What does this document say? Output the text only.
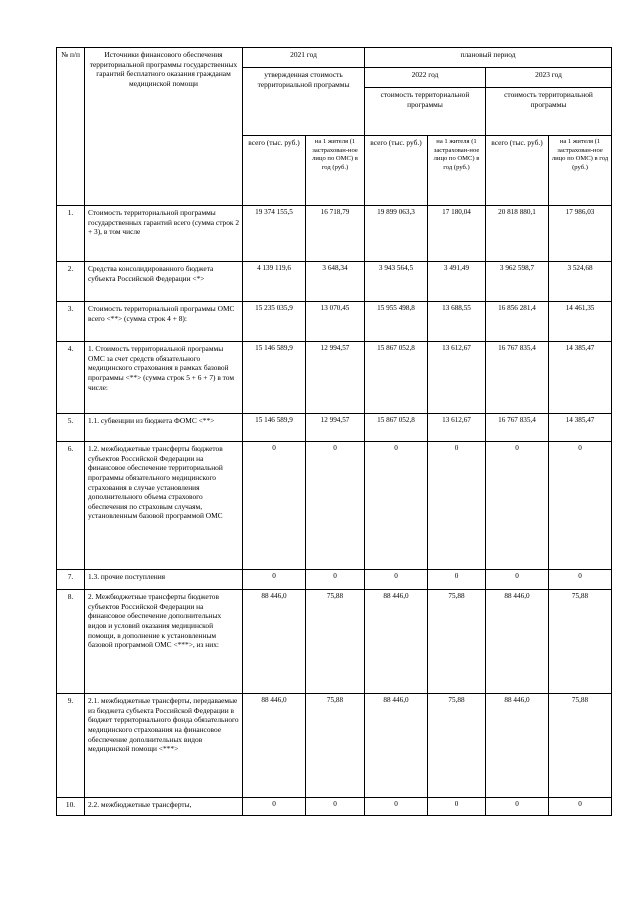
№ п/п	Источники финансового обеспечения территориальной программы государственных гарантий бесплатного оказания гражданам медицинской помощи	2021 год		плановый период			
		утвержденная стоимость территориальной программы		2022 год		2023 год	
				стоимость территориальной программы		стоимость территориальной программы	
		всего (тыс. руб.)	на 1 жителя (1 застрахован-ное лицо по ОМС) в год (руб.)	всего (тыс. руб.)	на 1 жителя (1 застрахован-ное лицо по ОМС) в год (руб.)	всего (тыс. руб.)	на 1 жителя (1 застрахован-ное лицо по ОМС) в год (руб.)
1.	Стоимость территориальной программы государственных гарантий всего (сумма строк 2 + 3), в том числе	19 374 155,5	16 718,79	19 899 063,3	17 180,04	20 818 880,1	17 986,03
2.	Средства консолидированного бюджета субъекта Российской Федерации <*>	4 139 119,6	3 648,34	3 943 564,5	3 491,49	3 962 598,7	3 524,68
3.	Стоимость территориальной программы ОМС всего <**> (сумма строк 4 + 8):	15 235 035,9	13 070,45	15 955 498,8	13 688,55	16 856 281,4	14 461,35
4.	1. Стоимость территориальной программы ОМС за счет средств обязательного медицинского страхования в рамках базовой программы <**> (сумма строк 5 + 6 + 7) в том числе:	15 146 589,9	12 994,57	15 867 052,8	13 612,67	16 767 835,4	14 385,47
5.	1.1. субвенции из бюджета ФОМС <**>	15 146 589,9	12 994,57	15 867 052,8	13 612,67	16 767 835,4	14 385,47
6.	1.2. межбюджетные трансферты бюджетов субъектов Российской Федерации на финансовое обеспечение территориальной программы обязательного медицинского страхования в случае установления дополнительного объема страхового обеспечения по страховым случаям, установленным базовой программой ОМС	0	0	0	0	0	0
7.	1.3. прочие поступления	0	0	0	0	0	0
8.	2. Межбюджетные трансферты бюджетов субъектов Российской Федерации на финансовое обеспечение дополнительных видов и условий оказания медицинской помощи, в дополнение к установленным базовой программой ОМС <***>, из них:	88 446,0	75,88	88 446,0	75,88	88 446,0	75,88
9.	2.1. межбюджетные трансферты, передаваемые из бюджета субъекта Российской Федерации в бюджет территориального фонда обязательного медицинского страхования на финансовое обеспечение дополнительных видов медицинской помощи <***>	88 446,0	75,88	88 446,0	75,88	88 446,0	75,88
10.	2.2. межбюджетные трансферты,	0	0	0	0	0	0
